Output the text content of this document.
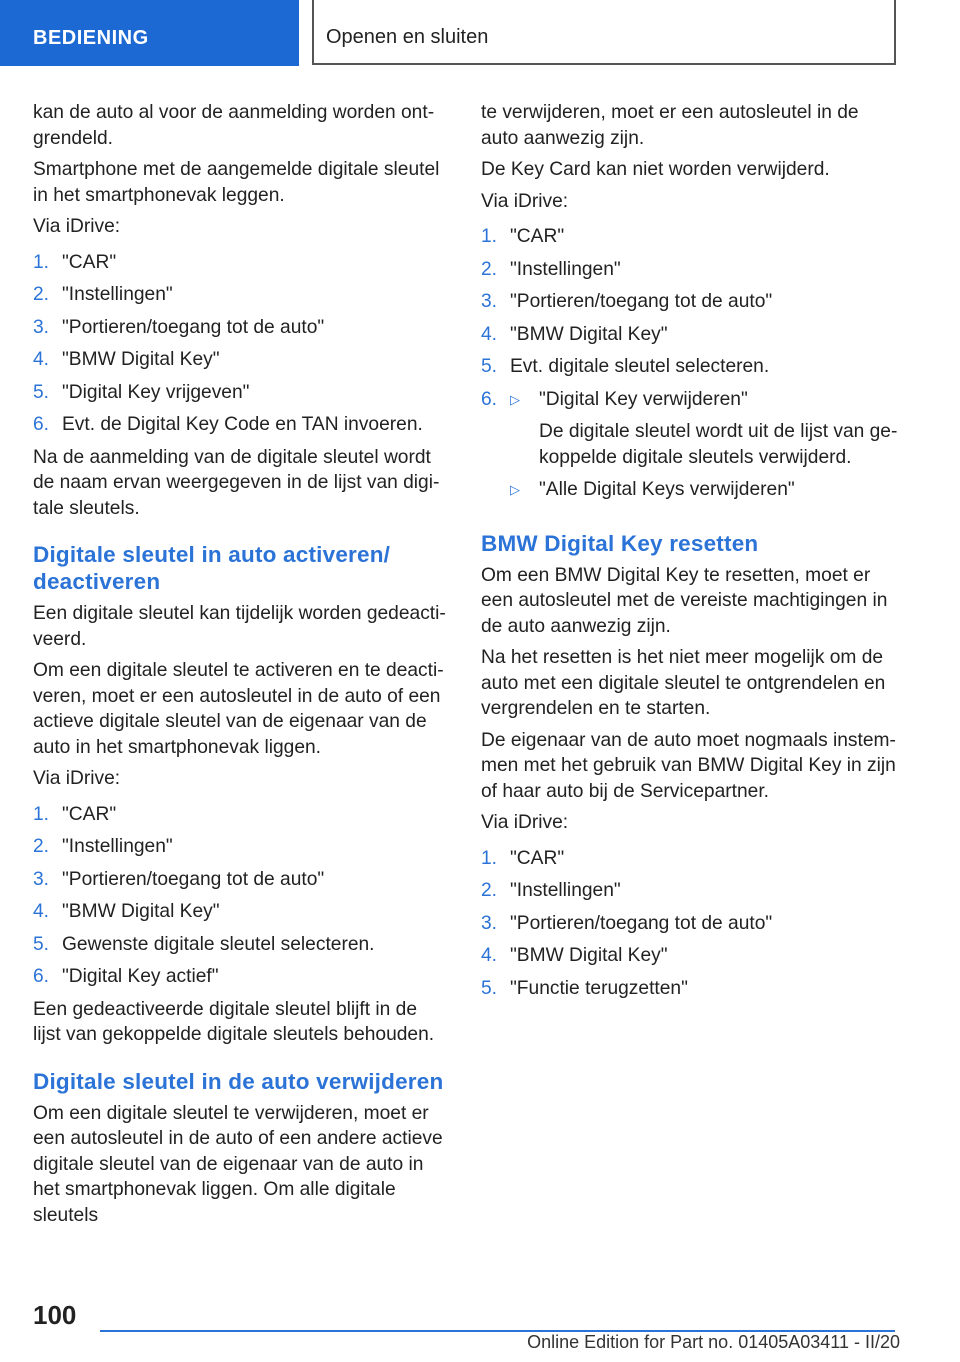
BEDIENING	Openen en sluiten

kan de auto al voor de aanmelding worden ontgrendeld.

Smartphone met de aangemelde digitale sleutel in het smartphonevak leggen.

Via iDrive:

1. "CAR"
2. "Instellingen"
3. "Portieren/toegang tot de auto"
4. "BMW Digital Key"
5. "Digital Key vrijgeven"
6. Evt. de Digital Key Code en TAN invoeren.

Na de aanmelding van de digitale sleutel wordt de naam ervan weergegeven in de lijst van digitale sleutels.

Digitale sleutel in auto activeren/ deactiveren

Een digitale sleutel kan tijdelijk worden gedeactiveerd.

Om een digitale sleutel te activeren en te deactiveren, moet er een autosleutel in de auto of een actieve digitale sleutel van de eigenaar van de auto in het smartphonevak liggen.

Via iDrive:

1. "CAR"
2. "Instellingen"
3. "Portieren/toegang tot de auto"
4. "BMW Digital Key"
5. Gewenste digitale sleutel selecteren.
6. "Digital Key actief"

Een gedeactiveerde digitale sleutel blijft in de lijst van gekoppelde digitale sleutels behouden.

Digitale sleutel in de auto verwijderen

Om een digitale sleutel te verwijderen, moet er een autosleutel in de auto of een andere actieve digitale sleutel van de eigenaar van de auto in het smartphonevak liggen. Om alle digitale sleutels

te verwijderen, moet er een autosleutel in de auto aanwezig zijn.

De Key Card kan niet worden verwijderd.

Via iDrive:

1. "CAR"
2. "Instellingen"
3. "Portieren/toegang tot de auto"
4. "BMW Digital Key"
5. Evt. digitale sleutel selecteren.
6. ▷ "Digital Key verwijderen"
De digitale sleutel wordt uit de lijst van gekoppelde digitale sleutels verwijderd.
▷ "Alle Digital Keys verwijderen"
BMW Digital Key resetten

Om een BMW Digital Key te resetten, moet er een autosleutel met de vereiste machtigingen in de auto aanwezig zijn.

Na het resetten is het niet meer mogelijk om de auto met een digitale sleutel te ontgrendelen en vergrendelen en te starten.

De eigenaar van de auto moet nogmaals instemmen met het gebruik van BMW Digital Key in zijn of haar auto bij de Servicepartner.

Via iDrive:

1. "CAR"
2. "Instellingen"
3. "Portieren/toegang tot de auto"
4. "BMW Digital Key"
5. "Functie terugzetten"
100
Online Edition for Part no. 01405A03411 - II/20
